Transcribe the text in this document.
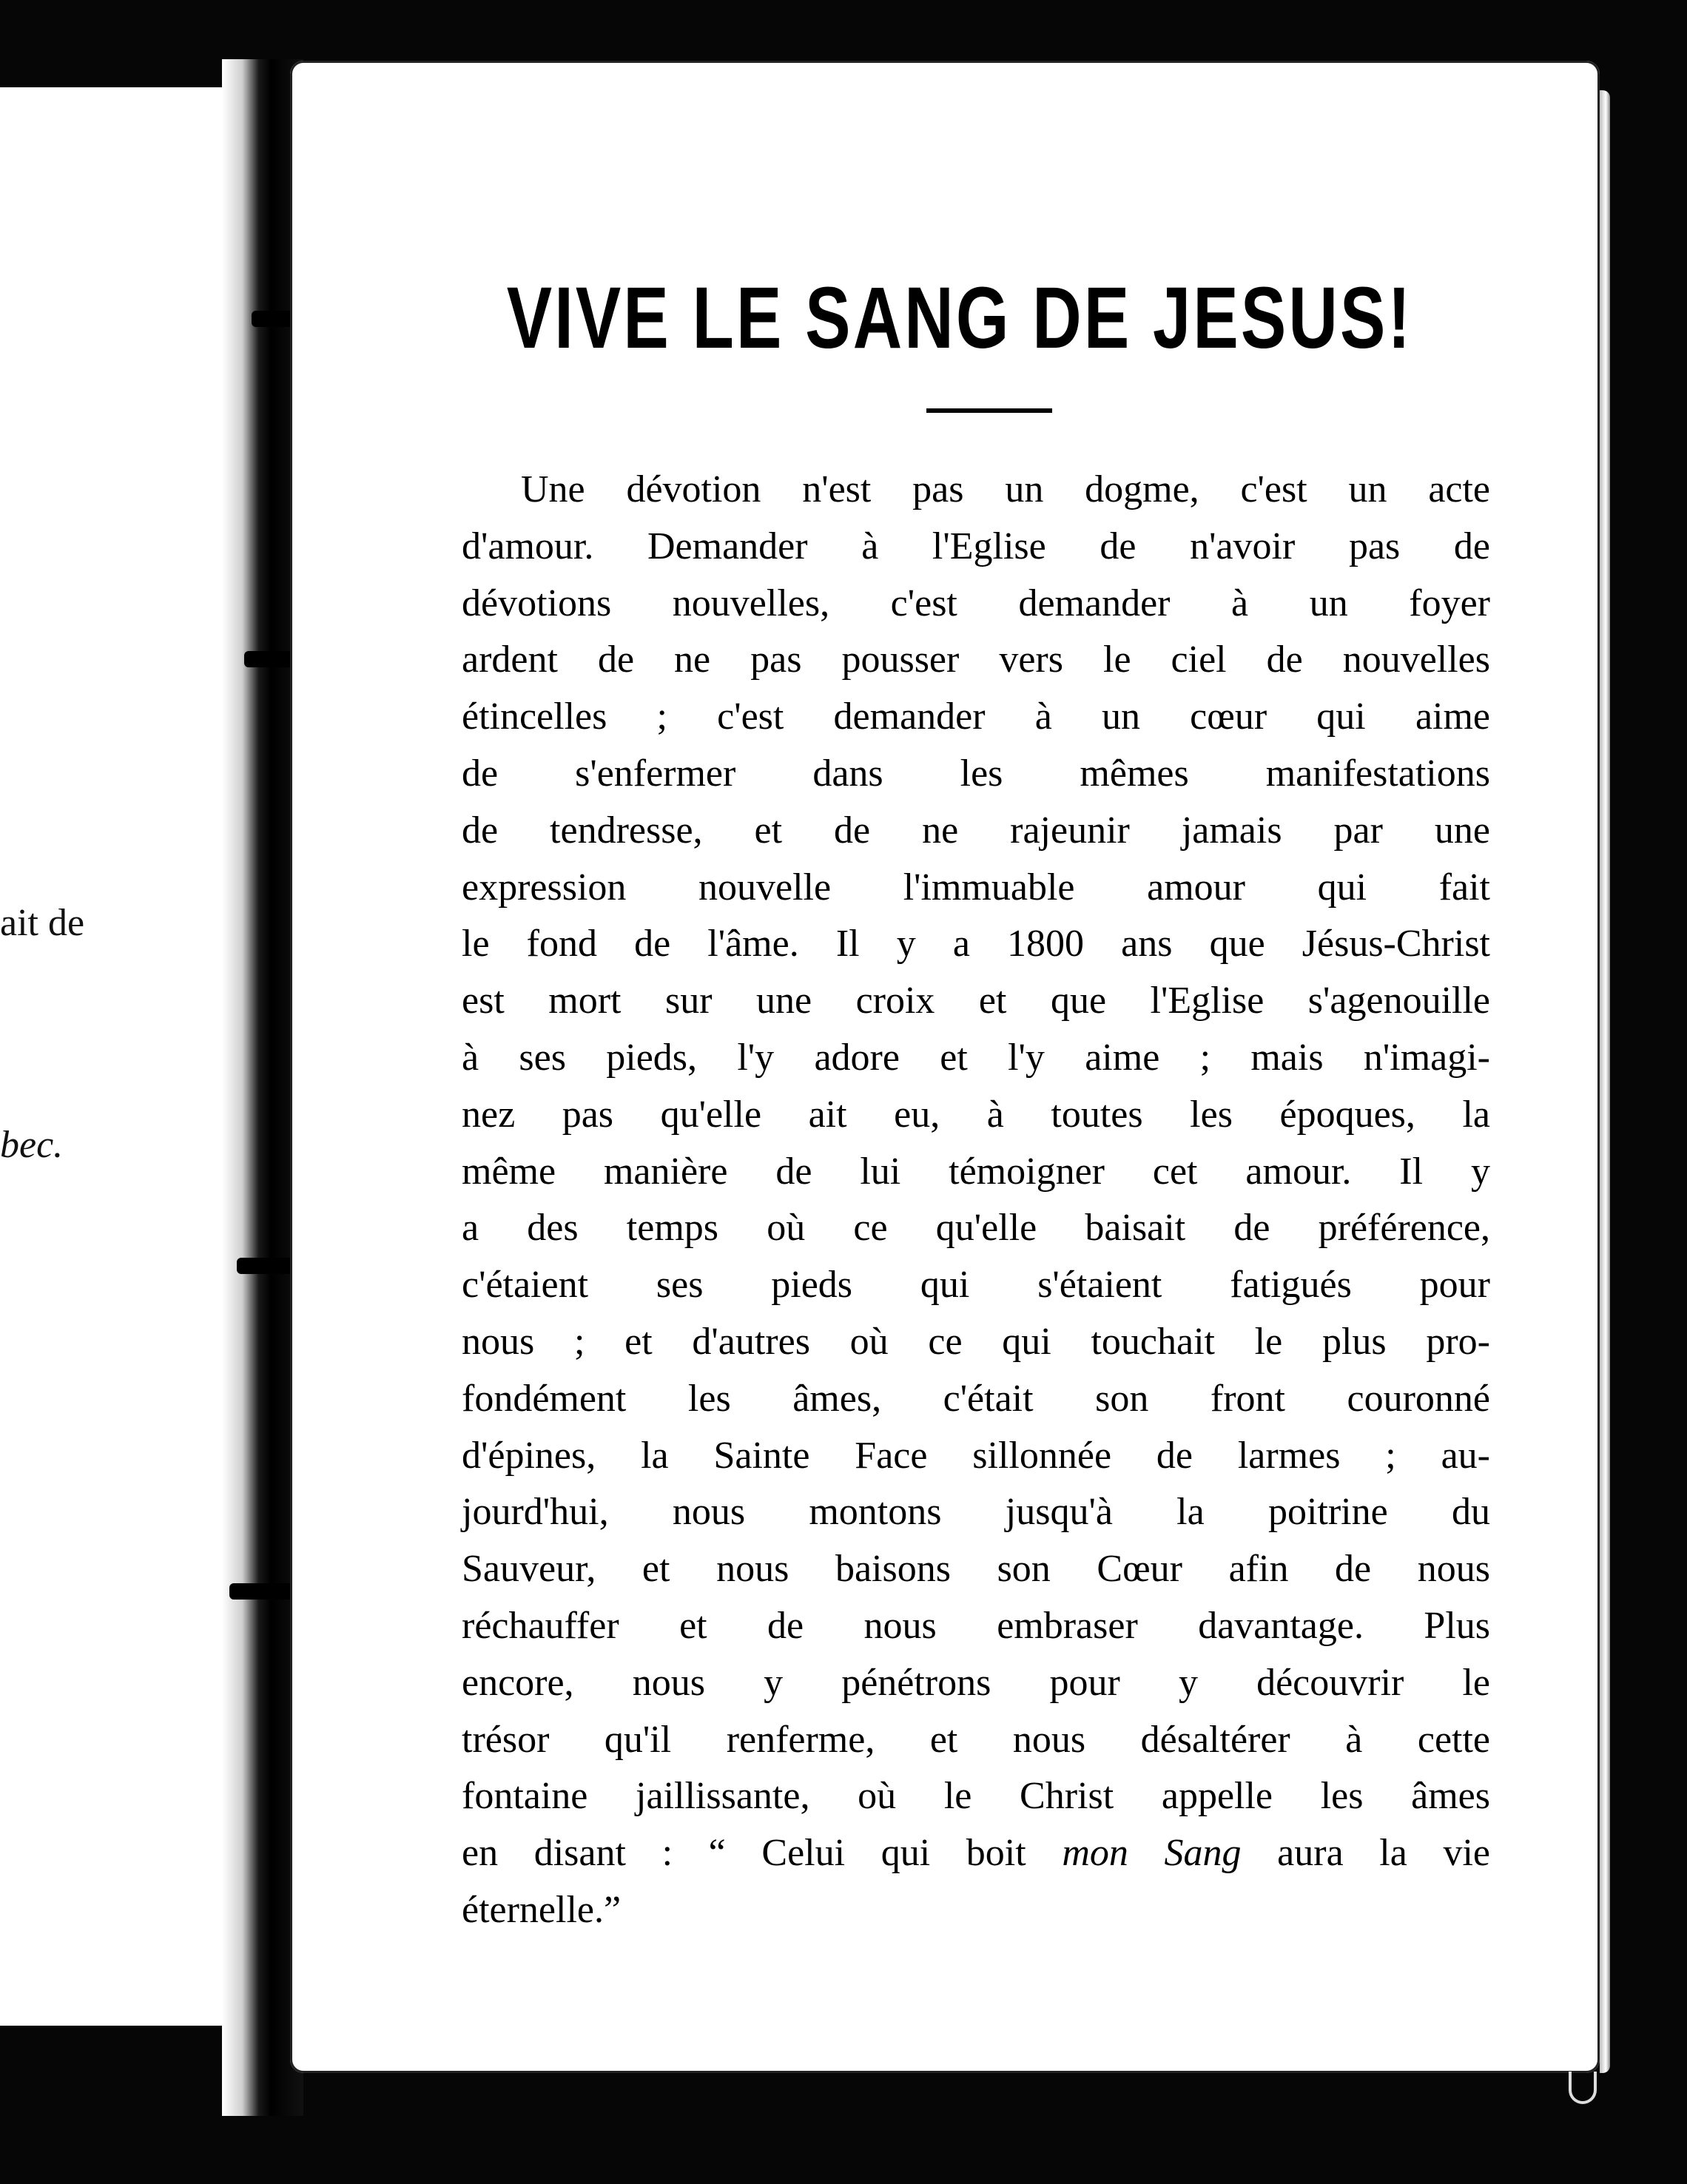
ait de
bec.
VIVE LE SANG DE JESUS!
Une dévotion n'est pas un dogme, c'est un acte
d'amour. Demander à l'Eglise de n'avoir pas de
dévotions nouvelles, c'est demander à un foyer
ardent de ne pas pousser vers le ciel de nouvelles
étincelles ; c'est demander à un cœur qui aime
de s'enfermer dans les mêmes manifestations
de tendresse, et de ne rajeunir jamais par une
expression nouvelle l'immuable amour qui fait
le fond de l'âme. Il y a 1800 ans que Jésus-Christ
est mort sur une croix et que l'Eglise s'agenouille
à ses pieds, l'y adore et l'y aime ; mais n'imagi-
nez pas qu'elle ait eu, à toutes les époques, la
même manière de lui témoigner cet amour. Il y
a des temps où ce qu'elle baisait de préférence,
c'étaient ses pieds qui s'étaient fatigués pour
nous ; et d'autres où ce qui touchait le plus pro-
fondément les âmes, c'était son front couronné
d'épines, la Sainte Face sillonnée de larmes ; au-
jourd'hui, nous montons jusqu'à la poitrine du
Sauveur, et nous baisons son Cœur afin de nous
réchauffer et de nous embraser davantage. Plus
encore, nous y pénétrons pour y découvrir le
trésor qu'il renferme, et nous désaltérer à cette
fontaine jaillissante, où le Christ appelle les âmes
en disant : “ Celui qui boit mon Sang aura la vie
éternelle.”
